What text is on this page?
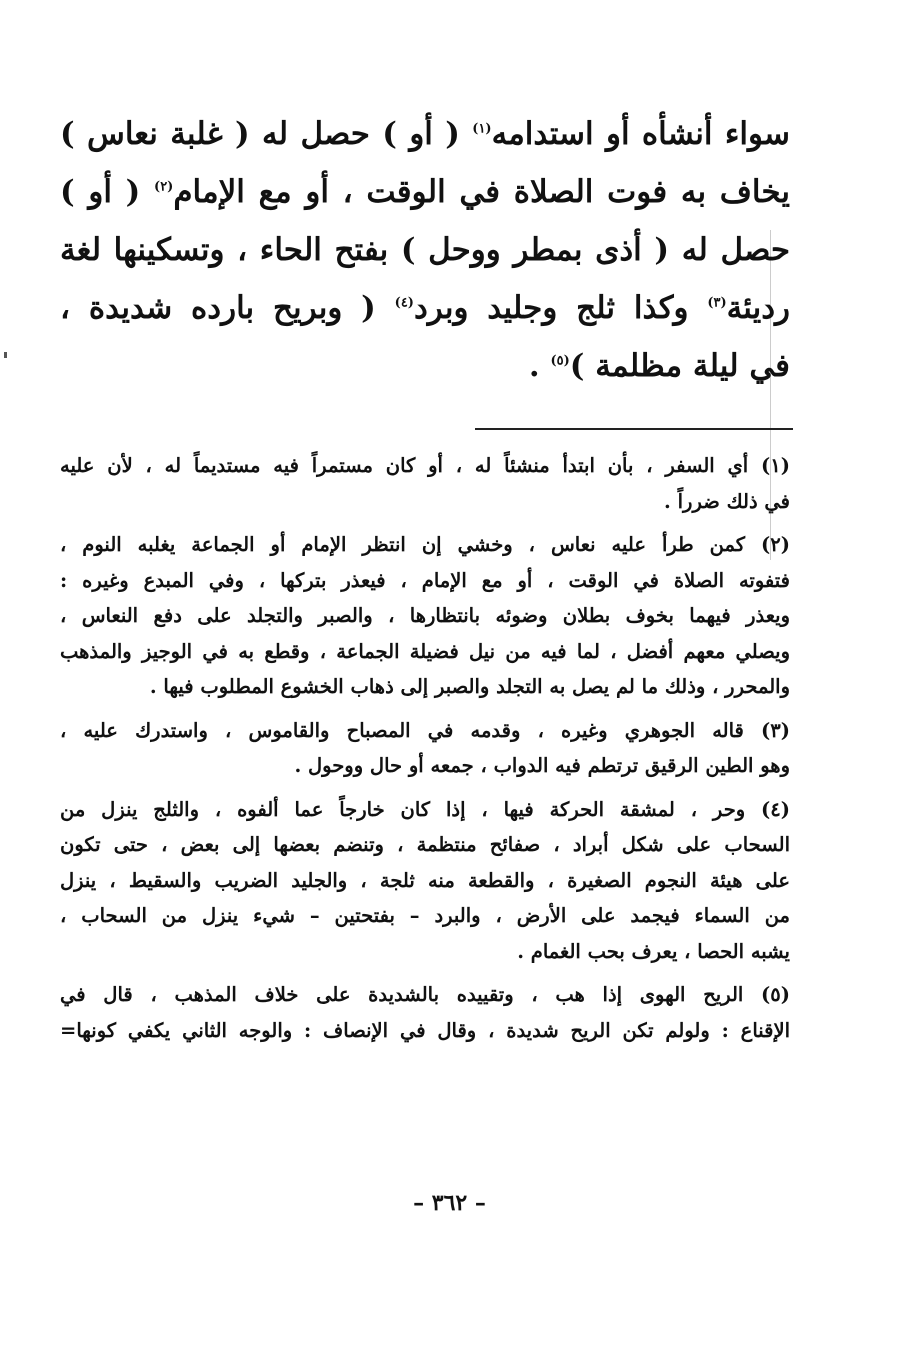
سواء أنشأه أو استدامه$^{(١)}$ ( أو ) حصل له ( غلبة نعاس )
يخاف به فوت الصلاة في الوقت ، أو مع الإمام$^{(٢)}$ ( أو )
حصل له ( أذى بمطر ووحل ) بفتح الحاء ، وتسكينها لغة
رديئة$^{(٣)}$ وكذا ثلج وجليد وبرد$^{(٤)}$ ( وبريح بارده شديدة ،
في ليلة مظلمة )$^{(٥)}$ .
(١) أي السفر ، بأن ابتدأ منشئاً له ، أو كان مستمراً فيه مستديماً له ، لأن عليه
في ذلك ضرراً .
(٢) كمن طرأ عليه نعاس ، وخشي إن انتظر الإمام أو الجماعة يغلبه النوم ،
فتفوته الصلاة في الوقت ، أو مع الإمام ، فيعذر بتركها ، وفي المبدع وغيره :
ويعذر فيهما بخوف بطلان وضوئه بانتظارها ، والصبر والتجلد على دفع النعاس ،
ويصلي معهم أفضل ، لما فيه من نيل فضيلة الجماعة ، وقطع به في الوجيز والمذهب
والمحرر ، وذلك ما لم يصل به التجلد والصبر إلى ذهاب الخشوع المطلوب فيها .
(٣) قاله الجوهري وغيره ، وقدمه في المصباح والقاموس ، واستدرك عليه ،
وهو الطين الرقيق ترتطم فيه الدواب ، جمعه أو حال ووحول .
(٤) وحر ، لمشقة الحركة فيها ، إذا كان خارجاً عما ألفوه ، والثلج ينزل من
السحاب على شكل أبراد ، صفائح منتظمة ، وتنضم بعضها إلى بعض ، حتى تكون
على هيئة النجوم الصغيرة ، والقطعة منه ثلجة ، والجليد الضريب والسقيط ، ينزل
من السماء فيجمد على الأرض ، والبرد – بفتحتين – شيء ينزل من السحاب ،
يشبه الحصا ، يعرف بحب الغمام .
(٥) الريح الهوى إذا هب ، وتقييده بالشديدة على خلاف المذهب ، قال في
الإقناع : ولولم تكن الريح شديدة ، وقال في الإنصاف : والوجه الثاني يكفي كونها=
– ٣٦٢ –
